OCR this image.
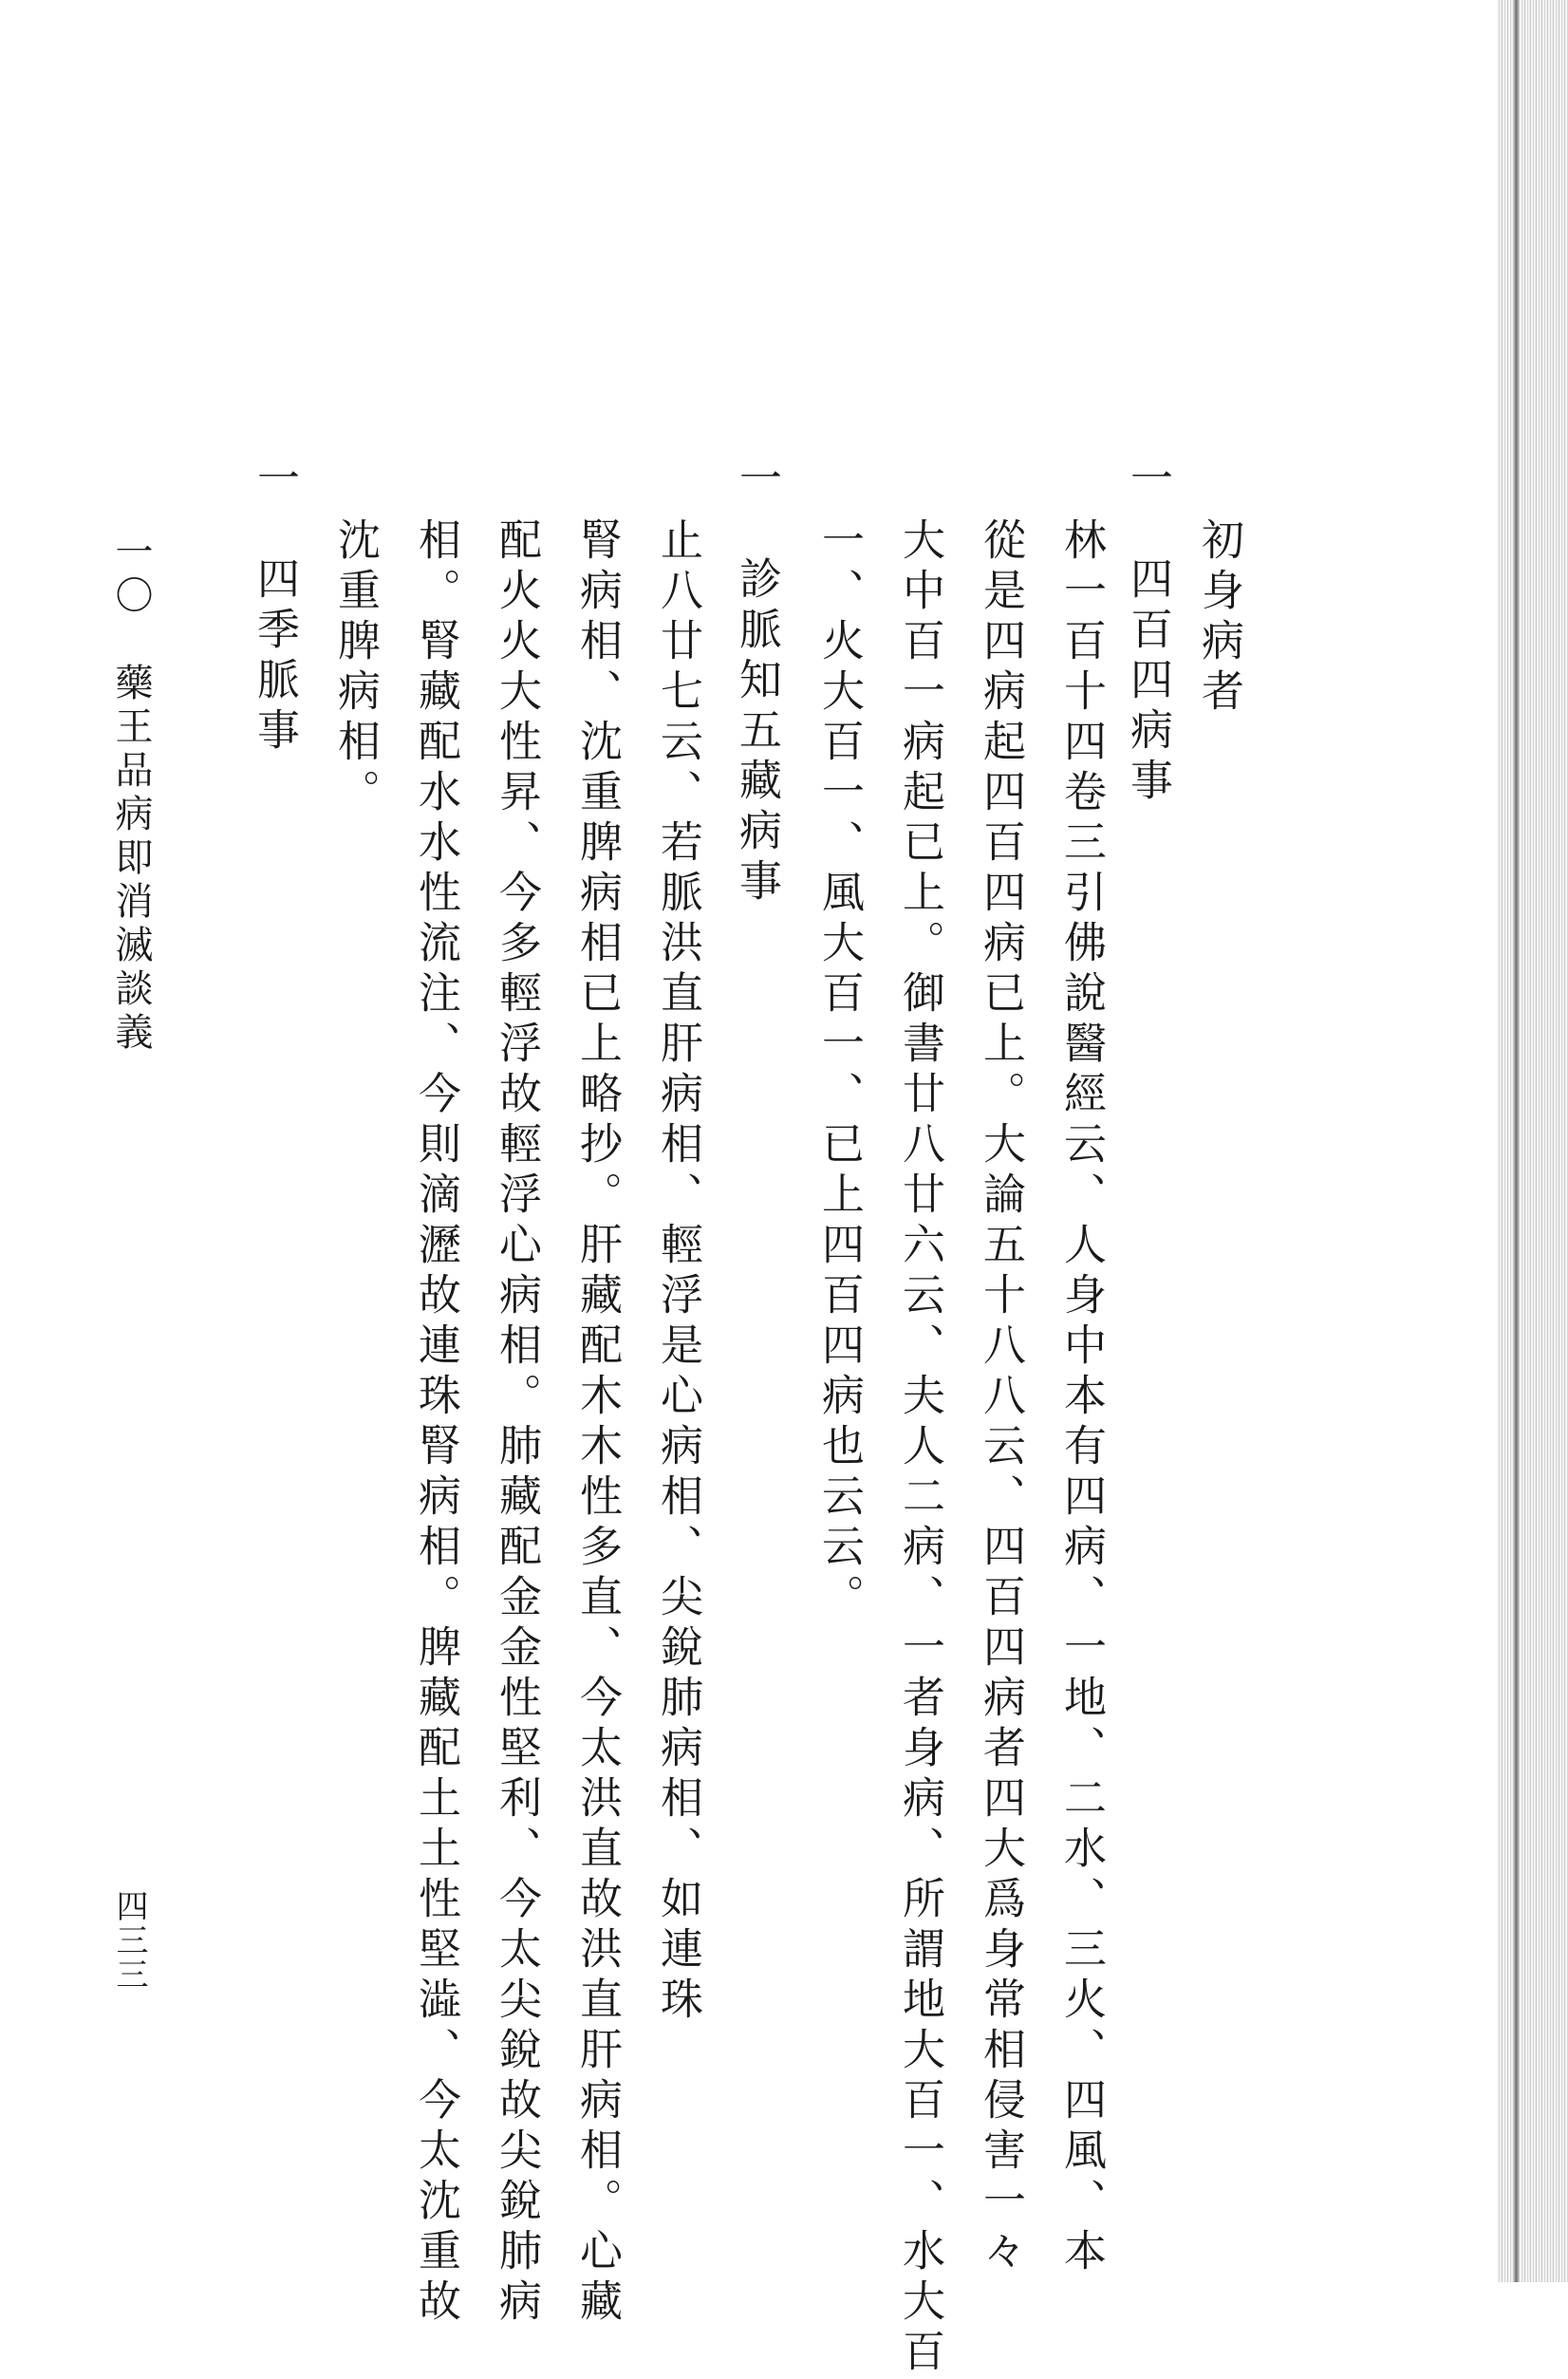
初身病者
一　四百四病事
林一百十四卷三引佛說醫經云、人身中本有四病、一地、二水、三火、四風、本
從是四病起四百四病已上。大論五十八八云、四百四病者四大爲身常相侵害一々
大中百一病起已上。御書廿八廿六云、夫人二病、一者身病、所謂地大百一、水大百
一、火大百一、風大百一、已上四百四病也云云。
一　診脈知五藏病事
止八廿七云、若脈洪直肝病相、輕浮是心病相、尖銳肺病相、如連珠
腎病相、沈重脾病相已上略抄。肝藏配木木性多直、今太洪直故洪直肝病相。心藏
配火火大性昇、今多輕浮故輕浮心病相。肺藏配金金性堅利、今太尖銳故尖銳肺病
相。腎藏配水水性流注、今則滴瀝故連珠腎病相。脾藏配土土性堅澁、今太沈重故
沈重脾病相。
一　四季脈事
一〇　藥王品病即消滅談義
四三三
